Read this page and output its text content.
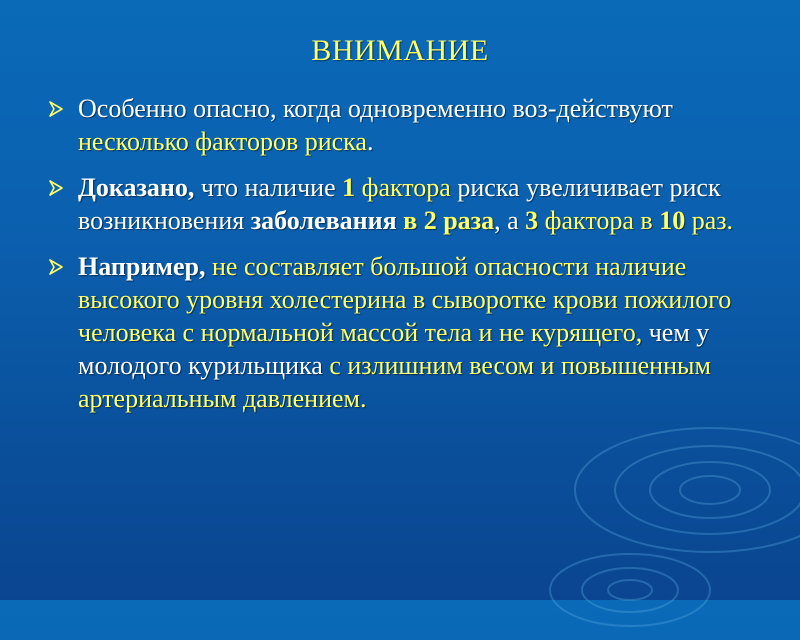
ВНИМАНИЕ
Особенно опасно, когда одновременно воз-действуют несколько факторов риска.
Доказано, что наличие 1 фактора риска увеличивает риск возникновения заболевания в 2 раза, а 3 фактора в 10 раз.
Например, не составляет большой опасности наличие высокого уровня холестерина в сыворотке крови пожилого человека с нормальной массой тела и не курящего, чем у молодого курильщика с излишним весом и повышенным артериальным давлением.
